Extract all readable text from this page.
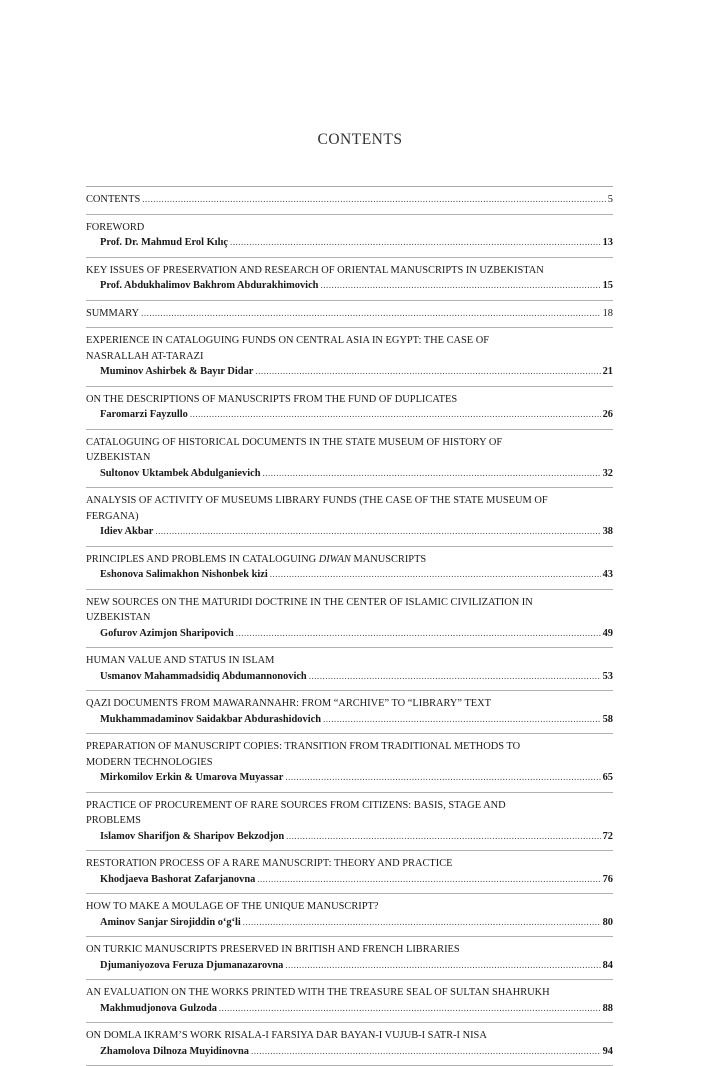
CONTENTS
CONTENTS .....	5
FOREWORD
Prof. Dr. Mahmud Erol Kılıç .....	13
KEY ISSUES OF PRESERVATION AND RESEARCH OF ORIENTAL MANUSCRIPTS IN UZBEKISTAN
Prof. Abdukhalimov Bakhrom Abdurakhimovich .....	15
SUMMARY .....	18
EXPERIENCE IN CATALOGUING FUNDS ON CENTRAL ASIA IN EGYPT: THE CASE OF
NASRALLAH AT-TARAZI
Muminov Ashirbek & Bayır Didar .....	21
ON THE DESCRIPTIONS OF MANUSCRIPTS FROM THE FUND OF DUPLICATES
Faromarzi Fayzullo .....	26
CATALOGUING OF HISTORICAL DOCUMENTS IN THE STATE MUSEUM OF HISTORY OF
UZBEKISTAN
Sultonov Uktambek Abdulganievich .....	32
ANALYSIS OF ACTIVITY OF MUSEUMS LIBRARY FUNDS (THE CASE OF THE STATE MUSEUM OF
FERGANA)
Idiev Akbar .....	38
PRINCIPLES AND PROBLEMS IN CATALOGUING DIWAN MANUSCRIPTS
Eshonova Salimakhon Nishonbek kizi .....	43
NEW SOURCES ON THE MATURIDI DOCTRINE IN THE CENTER OF ISLAMIC CIVILIZATION IN
UZBEKISTAN
Gofurov Azimjon Sharipovich .....	49
HUMAN VALUE AND STATUS IN ISLAM
Usmanov Mahammadsidiq Abdumannonovich .....	53
QAZI DOCUMENTS FROM MAWARANNAHR: FROM “ARCHIVE” TO “LIBRARY” TEXT
Mukhammadaminov Saidakbar Abdurashidovich .....	58
PREPARATION OF MANUSCRIPT COPIES: TRANSITION FROM TRADITIONAL METHODS TO
MODERN TECHNOLOGIES
Mirkomilov Erkin & Umarova Muyassar .....	65
PRACTICE OF PROCUREMENT OF RARE SOURCES FROM CITIZENS: BASIS, STAGE AND
PROBLEMS
Islamov Sharifjon & Sharipov Bekzodjon .....	72
RESTORATION PROCESS OF A RARE MANUSCRIPT: THEORY AND PRACTICE
Khodjaeva Bashorat Zafarjanovna .....	76
HOW TO MAKE A MOULAGE OF THE UNIQUE MANUSCRIPT?
Aminov Sanjar Sirojiddin o‘g‘li .....	80
ON TURKIC MANUSCRIPTS PRESERVED IN BRITISH AND FRENCH LIBRARIES
Djumaniyozova Feruza Djumanazarovna .....	84
AN EVALUATION ON THE WORKS PRINTED WITH THE TREASURE SEAL OF SULTAN SHAHRUKH
Makhmudjonova Gulzoda .....	88
ON DOMLA IKRAM’S WORK RISALA-I FARSIYA DAR BAYAN-I VUJUB-I SATR-I NISA
Zhamolova Dilnoza Muyidinovna .....	94
